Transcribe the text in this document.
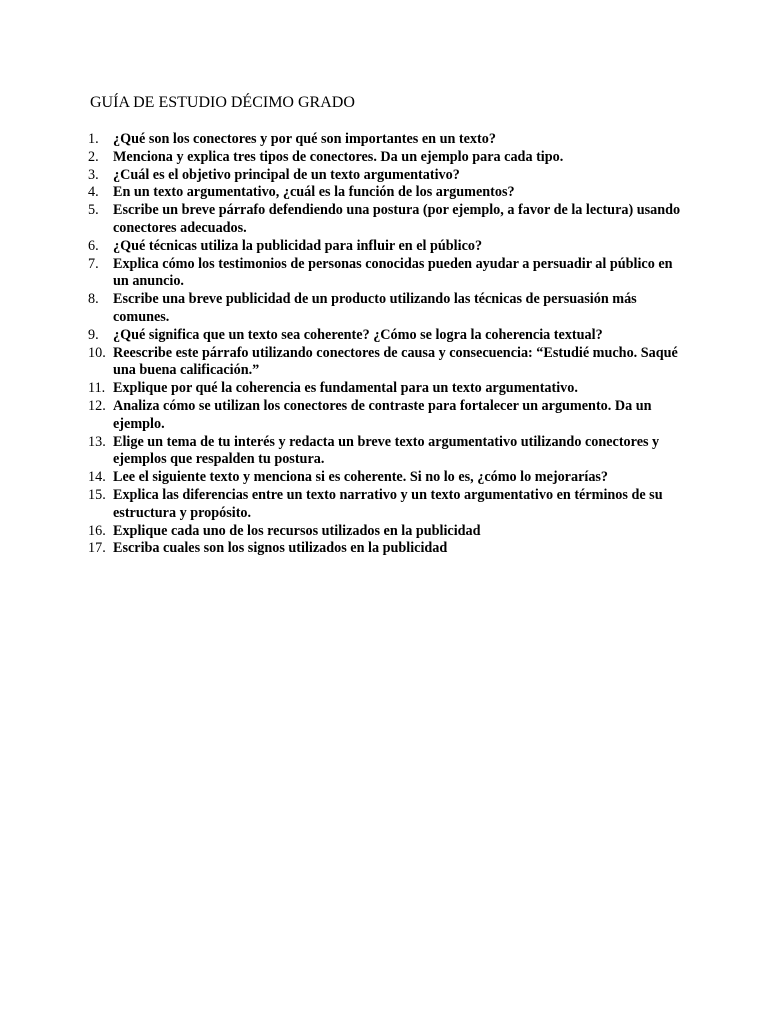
GUÍA DE ESTUDIO DÉCIMO GRADO
1. ¿Qué son los conectores y por qué son importantes en un texto?
2. Menciona y explica tres tipos de conectores. Da un ejemplo para cada tipo.
3. ¿Cuál es el objetivo principal de un texto argumentativo?
4. En un texto argumentativo, ¿cuál es la función de los argumentos?
5. Escribe un breve párrafo defendiendo una postura (por ejemplo, a favor de la lectura) usando conectores adecuados.
6. ¿Qué técnicas utiliza la publicidad para influir en el público?
7. Explica cómo los testimonios de personas conocidas pueden ayudar a persuadir al público en un anuncio.
8. Escribe una breve publicidad de un producto utilizando las técnicas de persuasión más comunes.
9. ¿Qué significa que un texto sea coherente? ¿Cómo se logra la coherencia textual?
10. Reescribe este párrafo utilizando conectores de causa y consecuencia: “Estudié mucho. Saqué una buena calificación.”
11. Explique por qué la coherencia es fundamental para un texto argumentativo.
12. Analiza cómo se utilizan los conectores de contraste para fortalecer un argumento. Da un ejemplo.
13. Elige un tema de tu interés y redacta un breve texto argumentativo utilizando conectores y ejemplos que respalden tu postura.
14. Lee el siguiente texto y menciona si es coherente. Si no lo es, ¿cómo lo mejorarías?
15. Explica las diferencias entre un texto narrativo y un texto argumentativo en términos de su estructura y propósito.
16. Explique cada uno de los recursos utilizados en la publicidad
17. Escriba cuales son los signos utilizados en la publicidad
